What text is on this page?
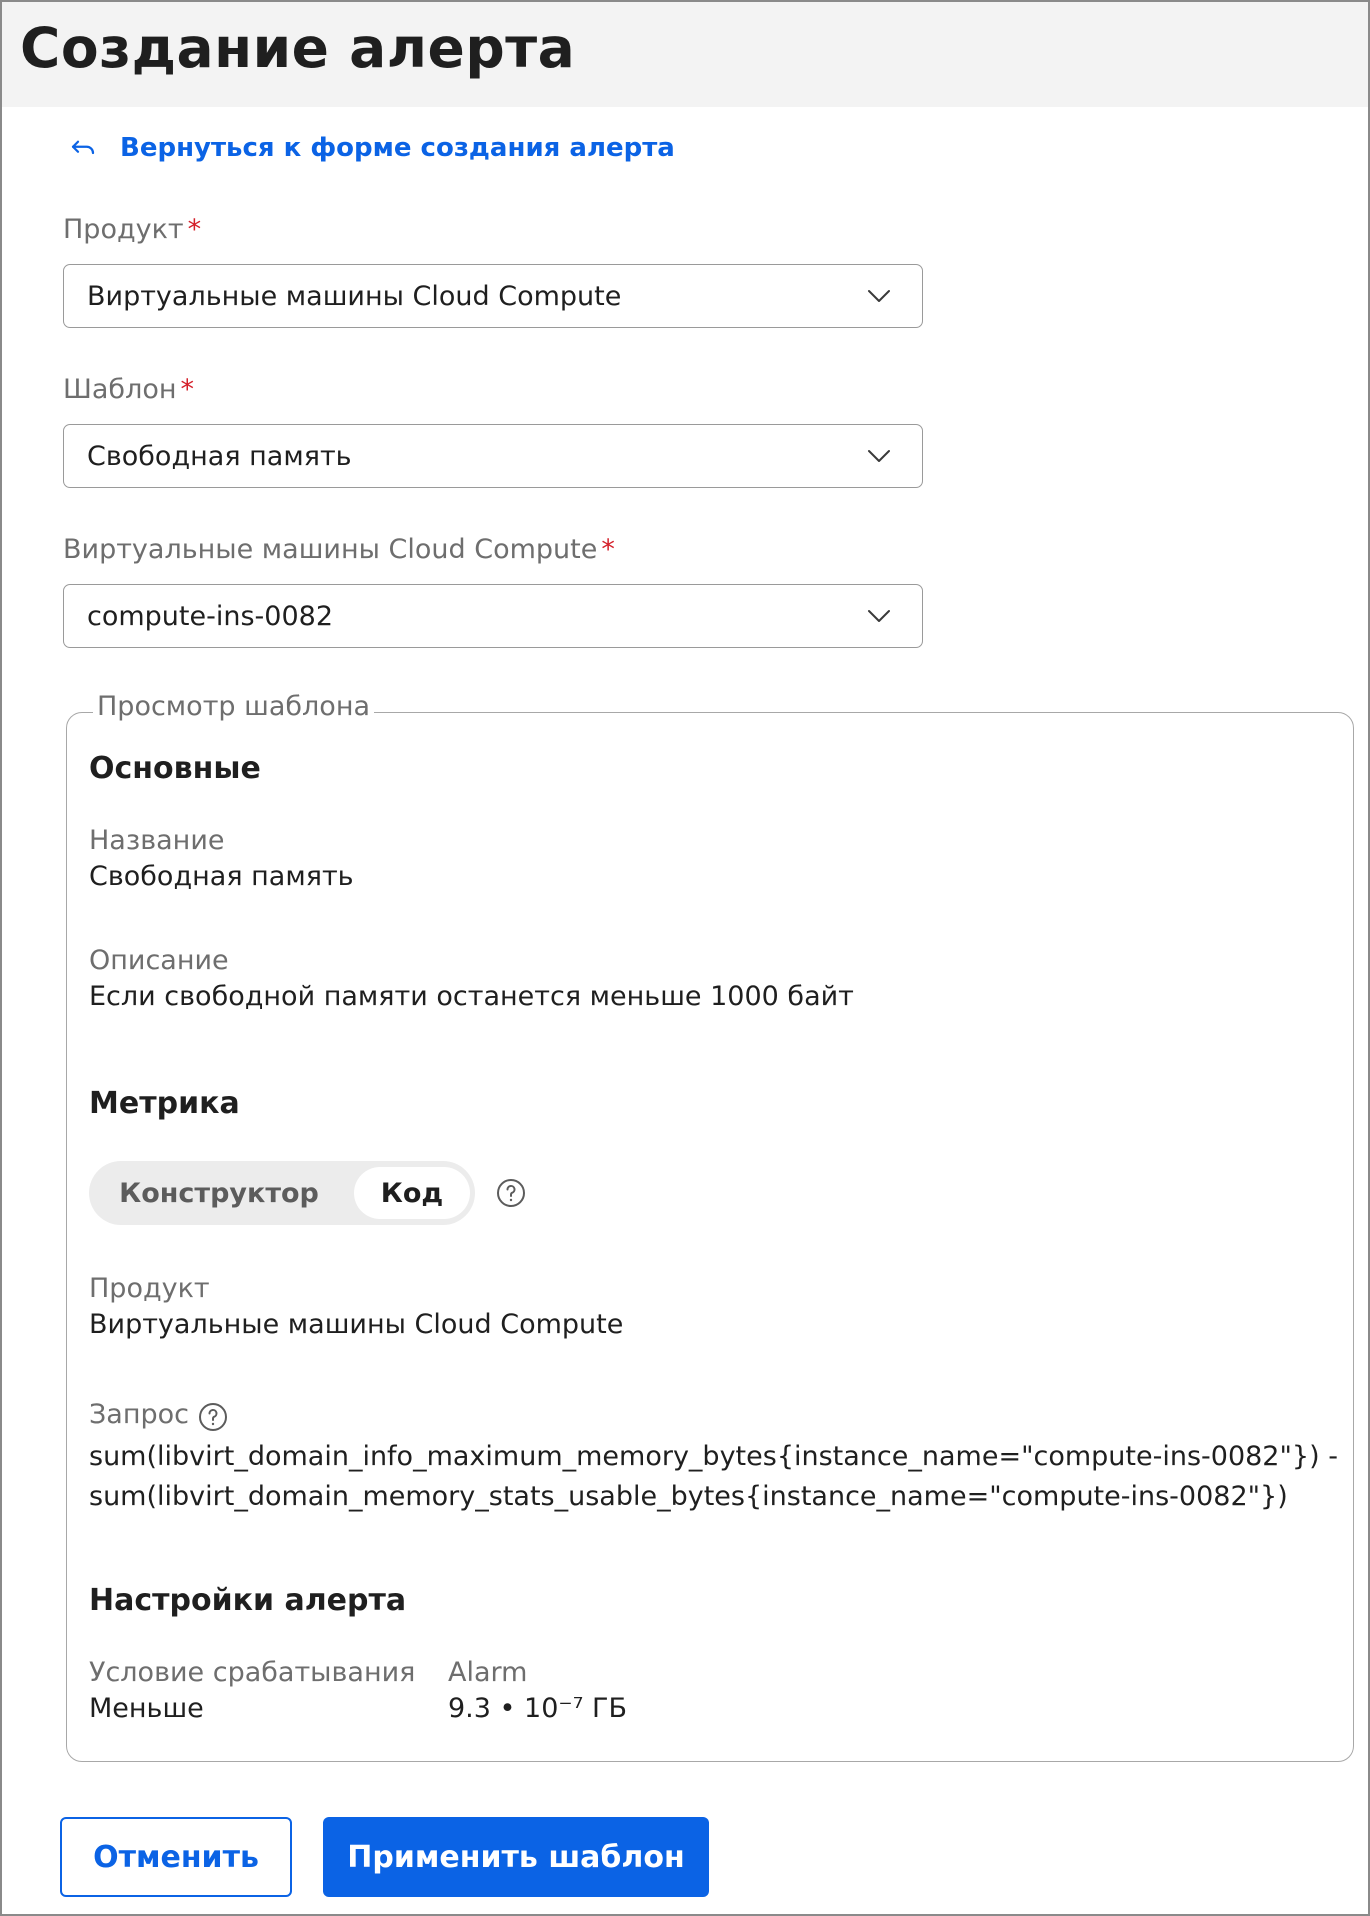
Создание алерта
Вернуться к форме создания алерта
Продукт *
Виртуальные машины Cloud Compute
Шаблон *
Свободная память
Виртуальные машины Cloud Compute *
compute-ins-0082
Просмотр шаблона
Основные
Название
Свободная память
Описание
Если свободной памяти останется меньше 1000 байт
Метрика
Конструктор	Код
Продукт
Виртуальные машины Cloud Compute
Запрос
sum(libvirt_domain_info_maximum_memory_bytes{instance_name="compute-ins-0082"}) -
sum(libvirt_domain_memory_stats_usable_bytes{instance_name="compute-ins-0082"})
Настройки алерта
Условие срабатывания
Меньше
Alarm
9.3 • 10⁻⁷ ГБ
Отменить	Применить шаблон
